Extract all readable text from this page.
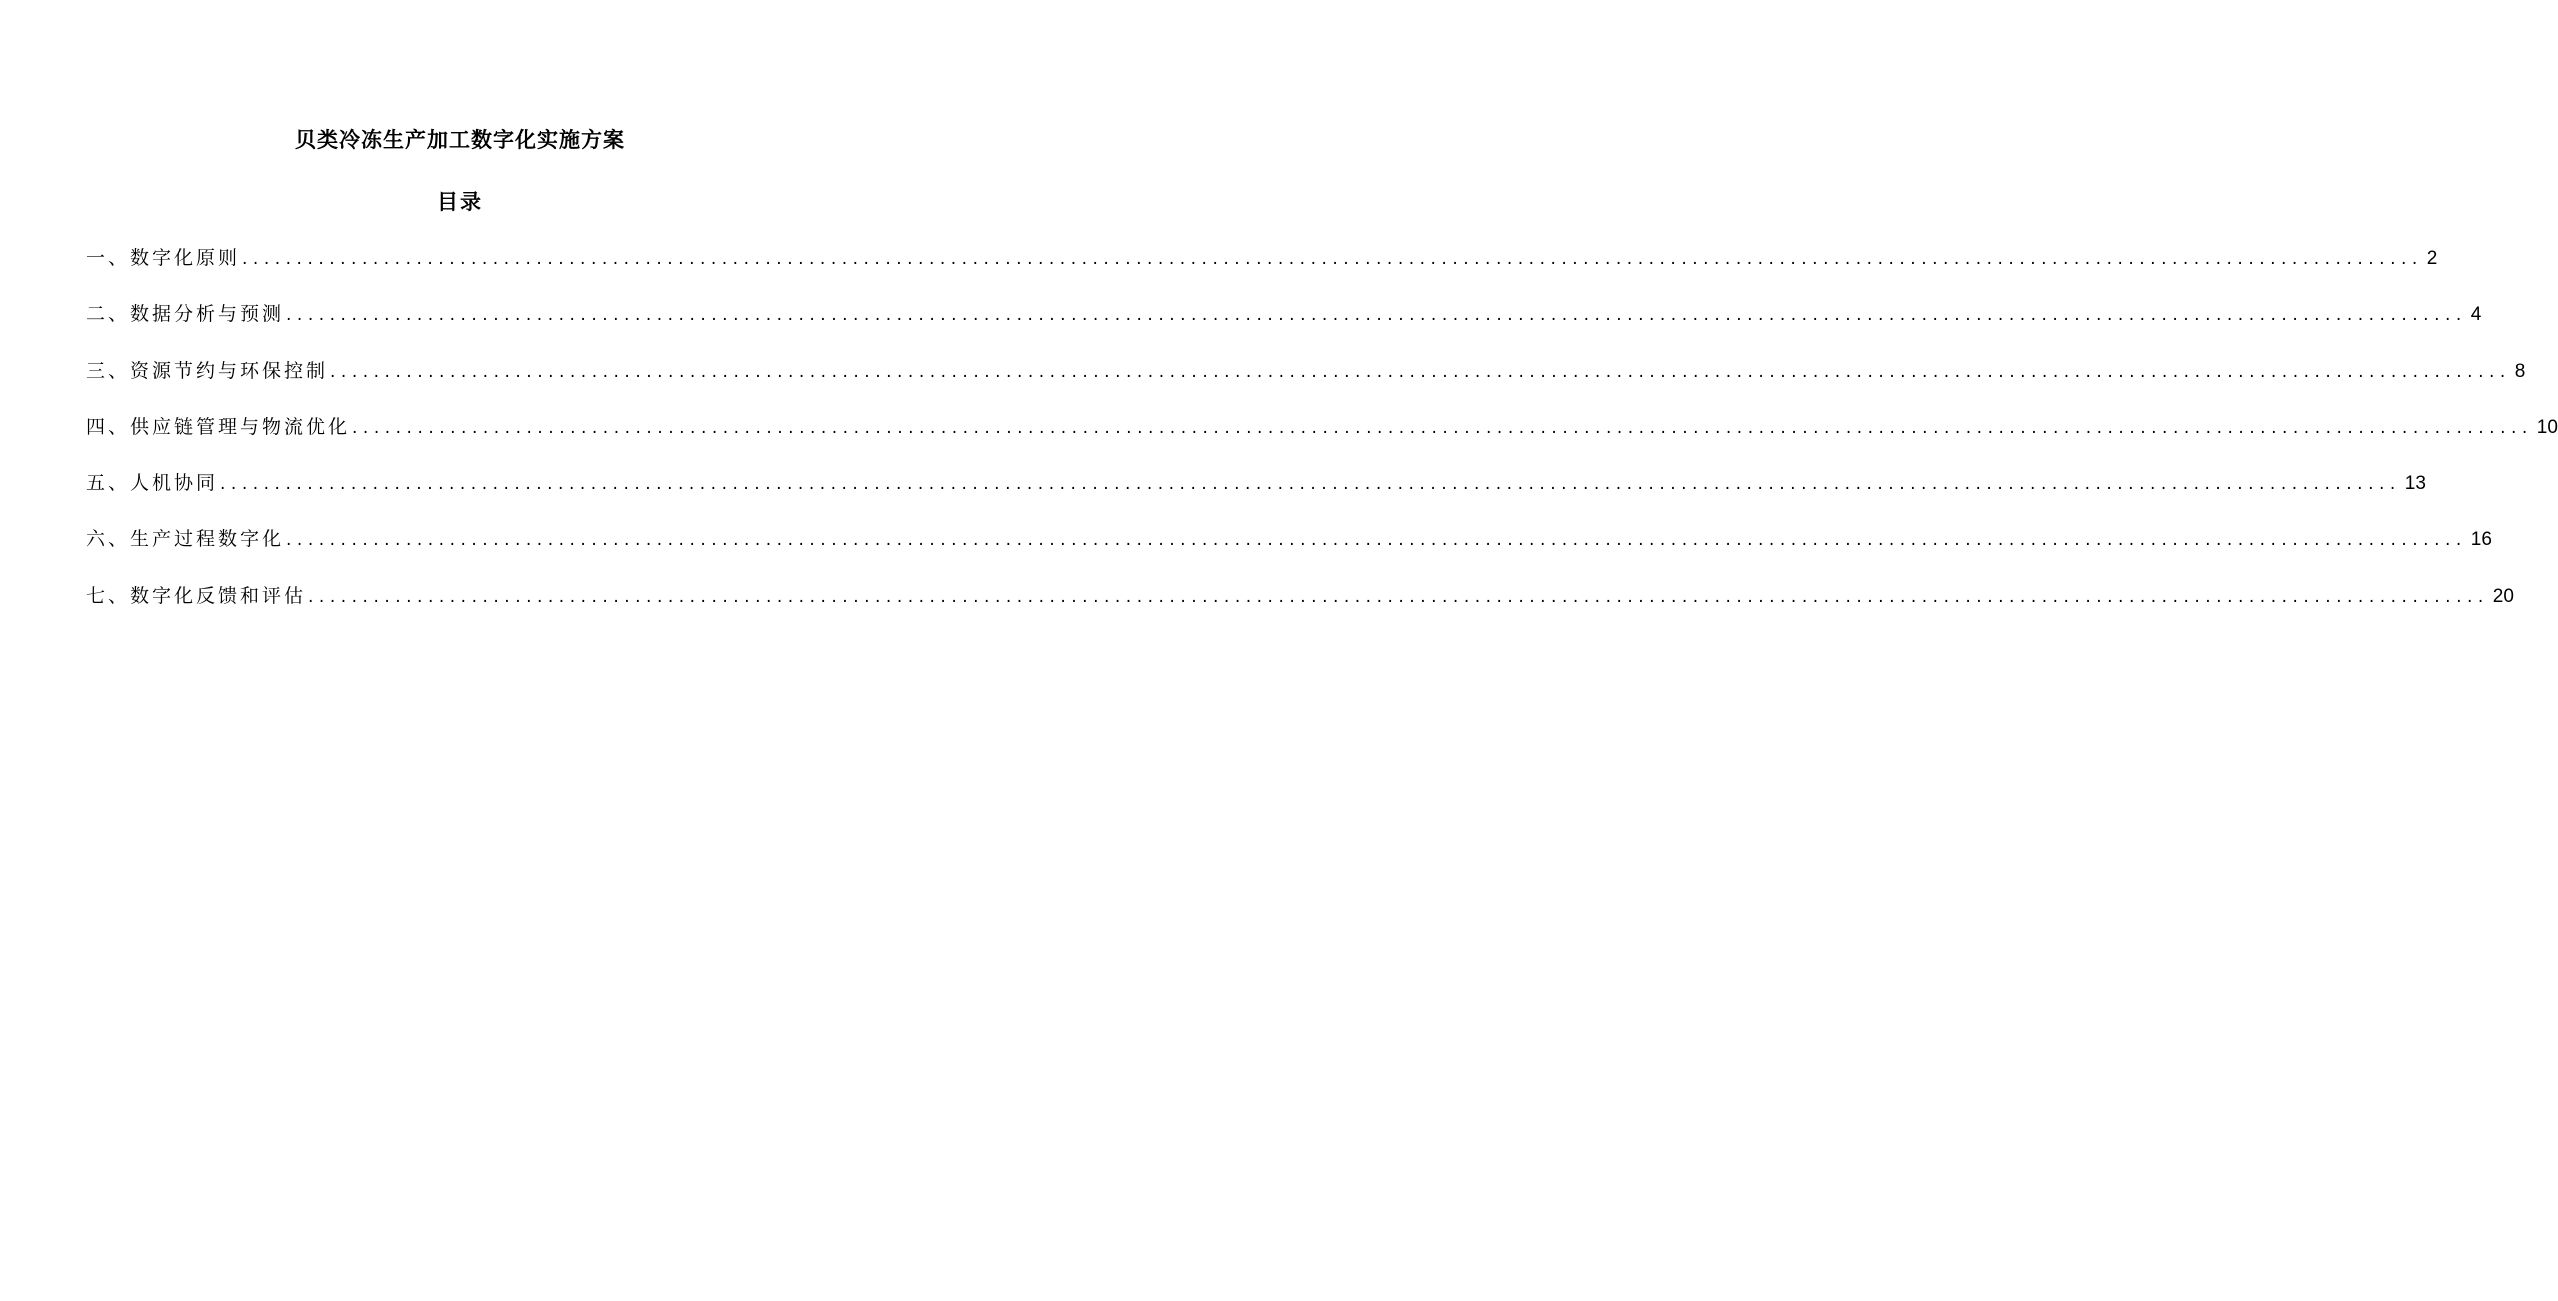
贝类冷冻生产加工数字化实施方案
目录
一、数字化原则 ........................................................................................................................................................................................................ 2
二、数据分析与预测 ........................................................................................................................................................................................................ 4
三、资源节约与环保控制 ........................................................................................................................................................................................................ 8
四、供应链管理与物流优化 ........................................................................................................................................................................................................ 10
五、人机协同 ........................................................................................................................................................................................................ 13
六、生产过程数字化 ........................................................................................................................................................................................................ 16
七、数字化反馈和评估 ........................................................................................................................................................................................................ 20
